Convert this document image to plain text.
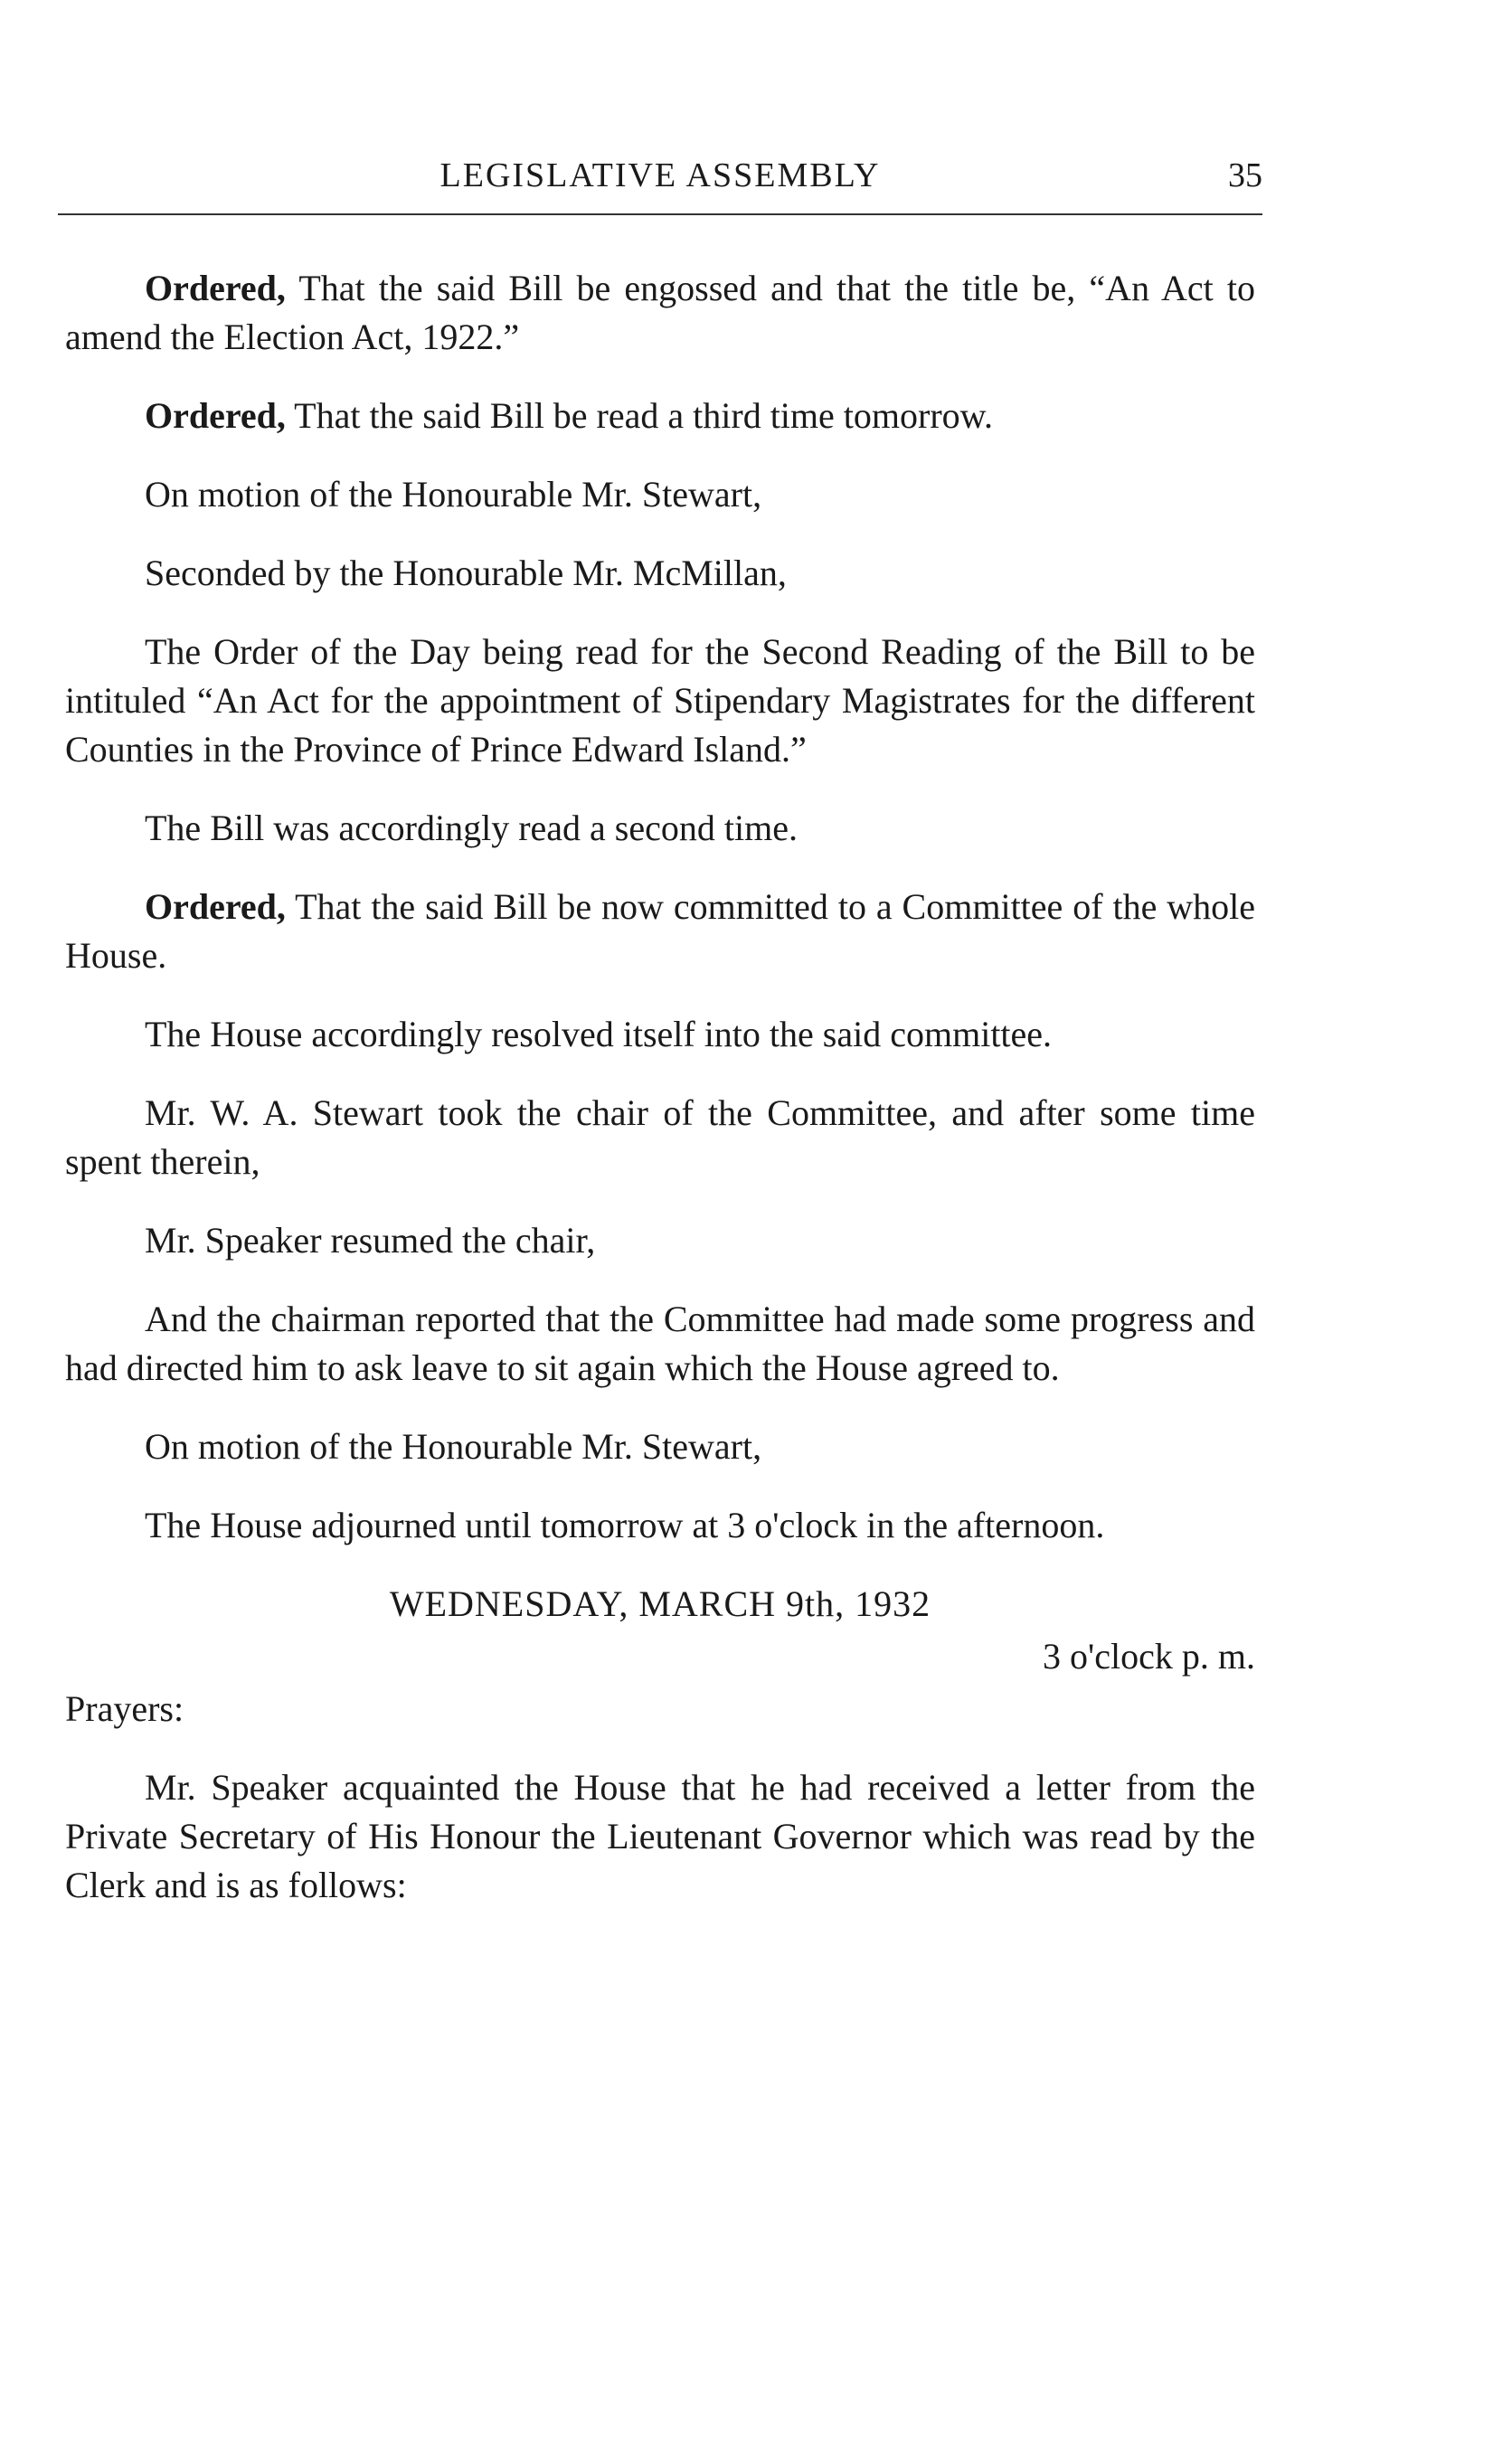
LEGISLATIVE ASSEMBLY	35

Ordered, That the said Bill be engossed and that the title be, “An Act to amend the Election Act, 1922.”

Ordered, That the said Bill be read a third time tomorrow.

On motion of the Honourable Mr. Stewart,

Seconded by the Honourable Mr. McMillan,

The Order of the Day being read for the Second Reading of the Bill to be intituled “An Act for the appointment of Stipendary Magistrates for the different Counties in the Province of Prince Edward Island.”

The Bill was accordingly read a second time.

Ordered, That the said Bill be now committed to a Committee of the whole House.

The House accordingly resolved itself into the said committee.

Mr. W. A. Stewart took the chair of the Committee, and after some time spent therein,

Mr. Speaker resumed the chair,

And the chairman reported that the Committee had made some progress and had directed him to ask leave to sit again which the House agreed to.

On motion of the Honourable Mr. Stewart,

The House adjourned until tomorrow at 3 o'clock in the afternoon.

WEDNESDAY, MARCH 9th, 1932

3 o'clock p. m.

Prayers:

Mr. Speaker acquainted the House that he had received a letter from the Private Secretary of His Honour the Lieutenant Governor which was read by the Clerk and is as follows:
